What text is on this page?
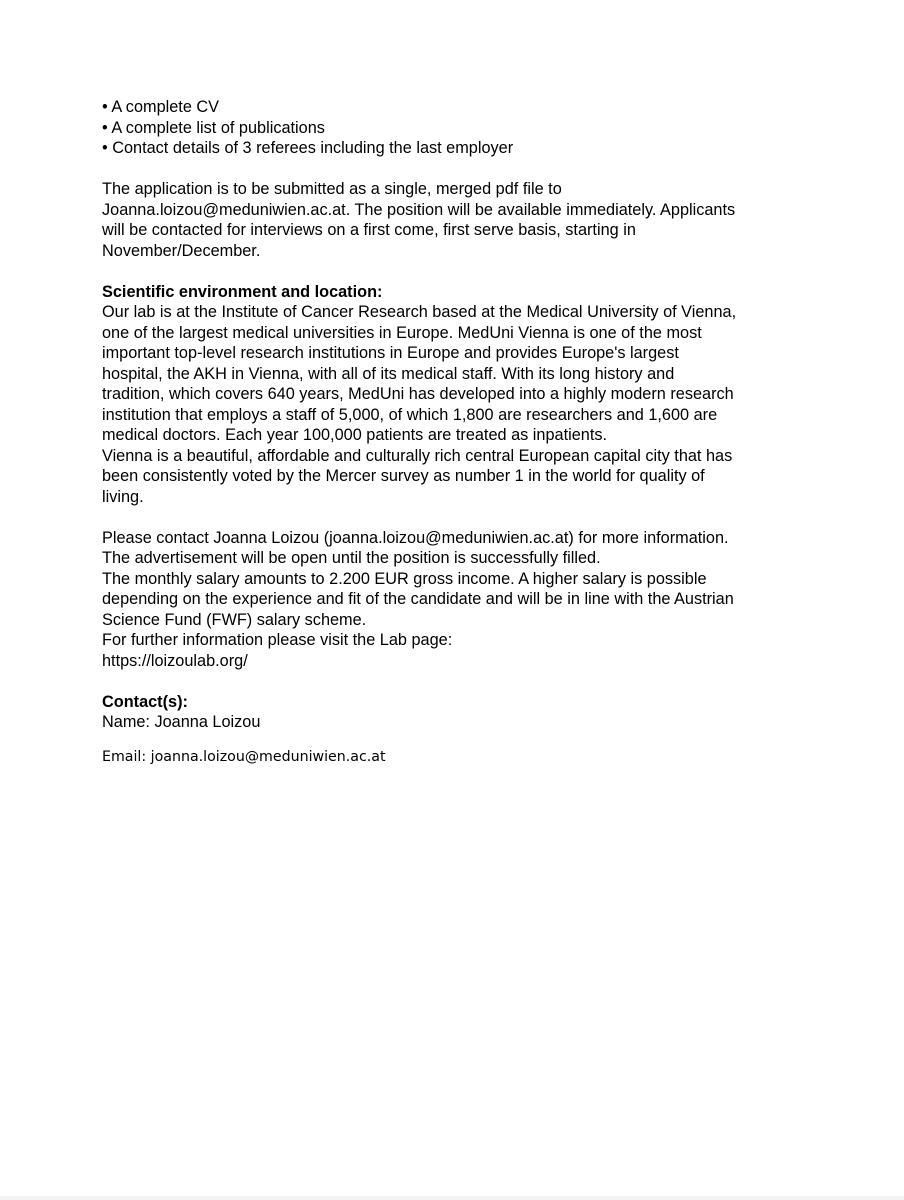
• A complete CV

• A complete list of publications

• Contact details of 3 referees including the last employer

The application is to be submitted as a single, merged pdf file to

Joanna.loizou@meduniwien.ac.at. The position will be available immediately. Applicants

will be contacted for interviews on a first come, first serve basis, starting in

November/December.

Scientific environment and location:

Our lab is at the Institute of Cancer Research based at the Medical University of Vienna,

one of the largest medical universities in Europe. MedUni Vienna is one of the most

important top-level research institutions in Europe and provides Europe's largest

hospital, the AKH in Vienna, with all of its medical staff. With its long history and

tradition, which covers 640 years, MedUni has developed into a highly modern research

institution that employs a staff of 5,000, of which 1,800 are researchers and 1,600 are

medical doctors. Each year 100,000 patients are treated as inpatients.

Vienna is a beautiful, affordable and culturally rich central European capital city that has

been consistently voted by the Mercer survey as number 1 in the world for quality of

living.

Please contact Joanna Loizou (joanna.loizou@meduniwien.ac.at) for more information.

The advertisement will be open until the position is successfully filled.

The monthly salary amounts to 2.200 EUR gross income. A higher salary is possible

depending on the experience and fit of the candidate and will be in line with the Austrian

Science Fund (FWF) salary scheme.

For further information please visit the Lab page:

https://loizoulab.org/

Contact(s):

Name: Joanna Loizou

Email: joanna.loizou@meduniwien.ac.at
